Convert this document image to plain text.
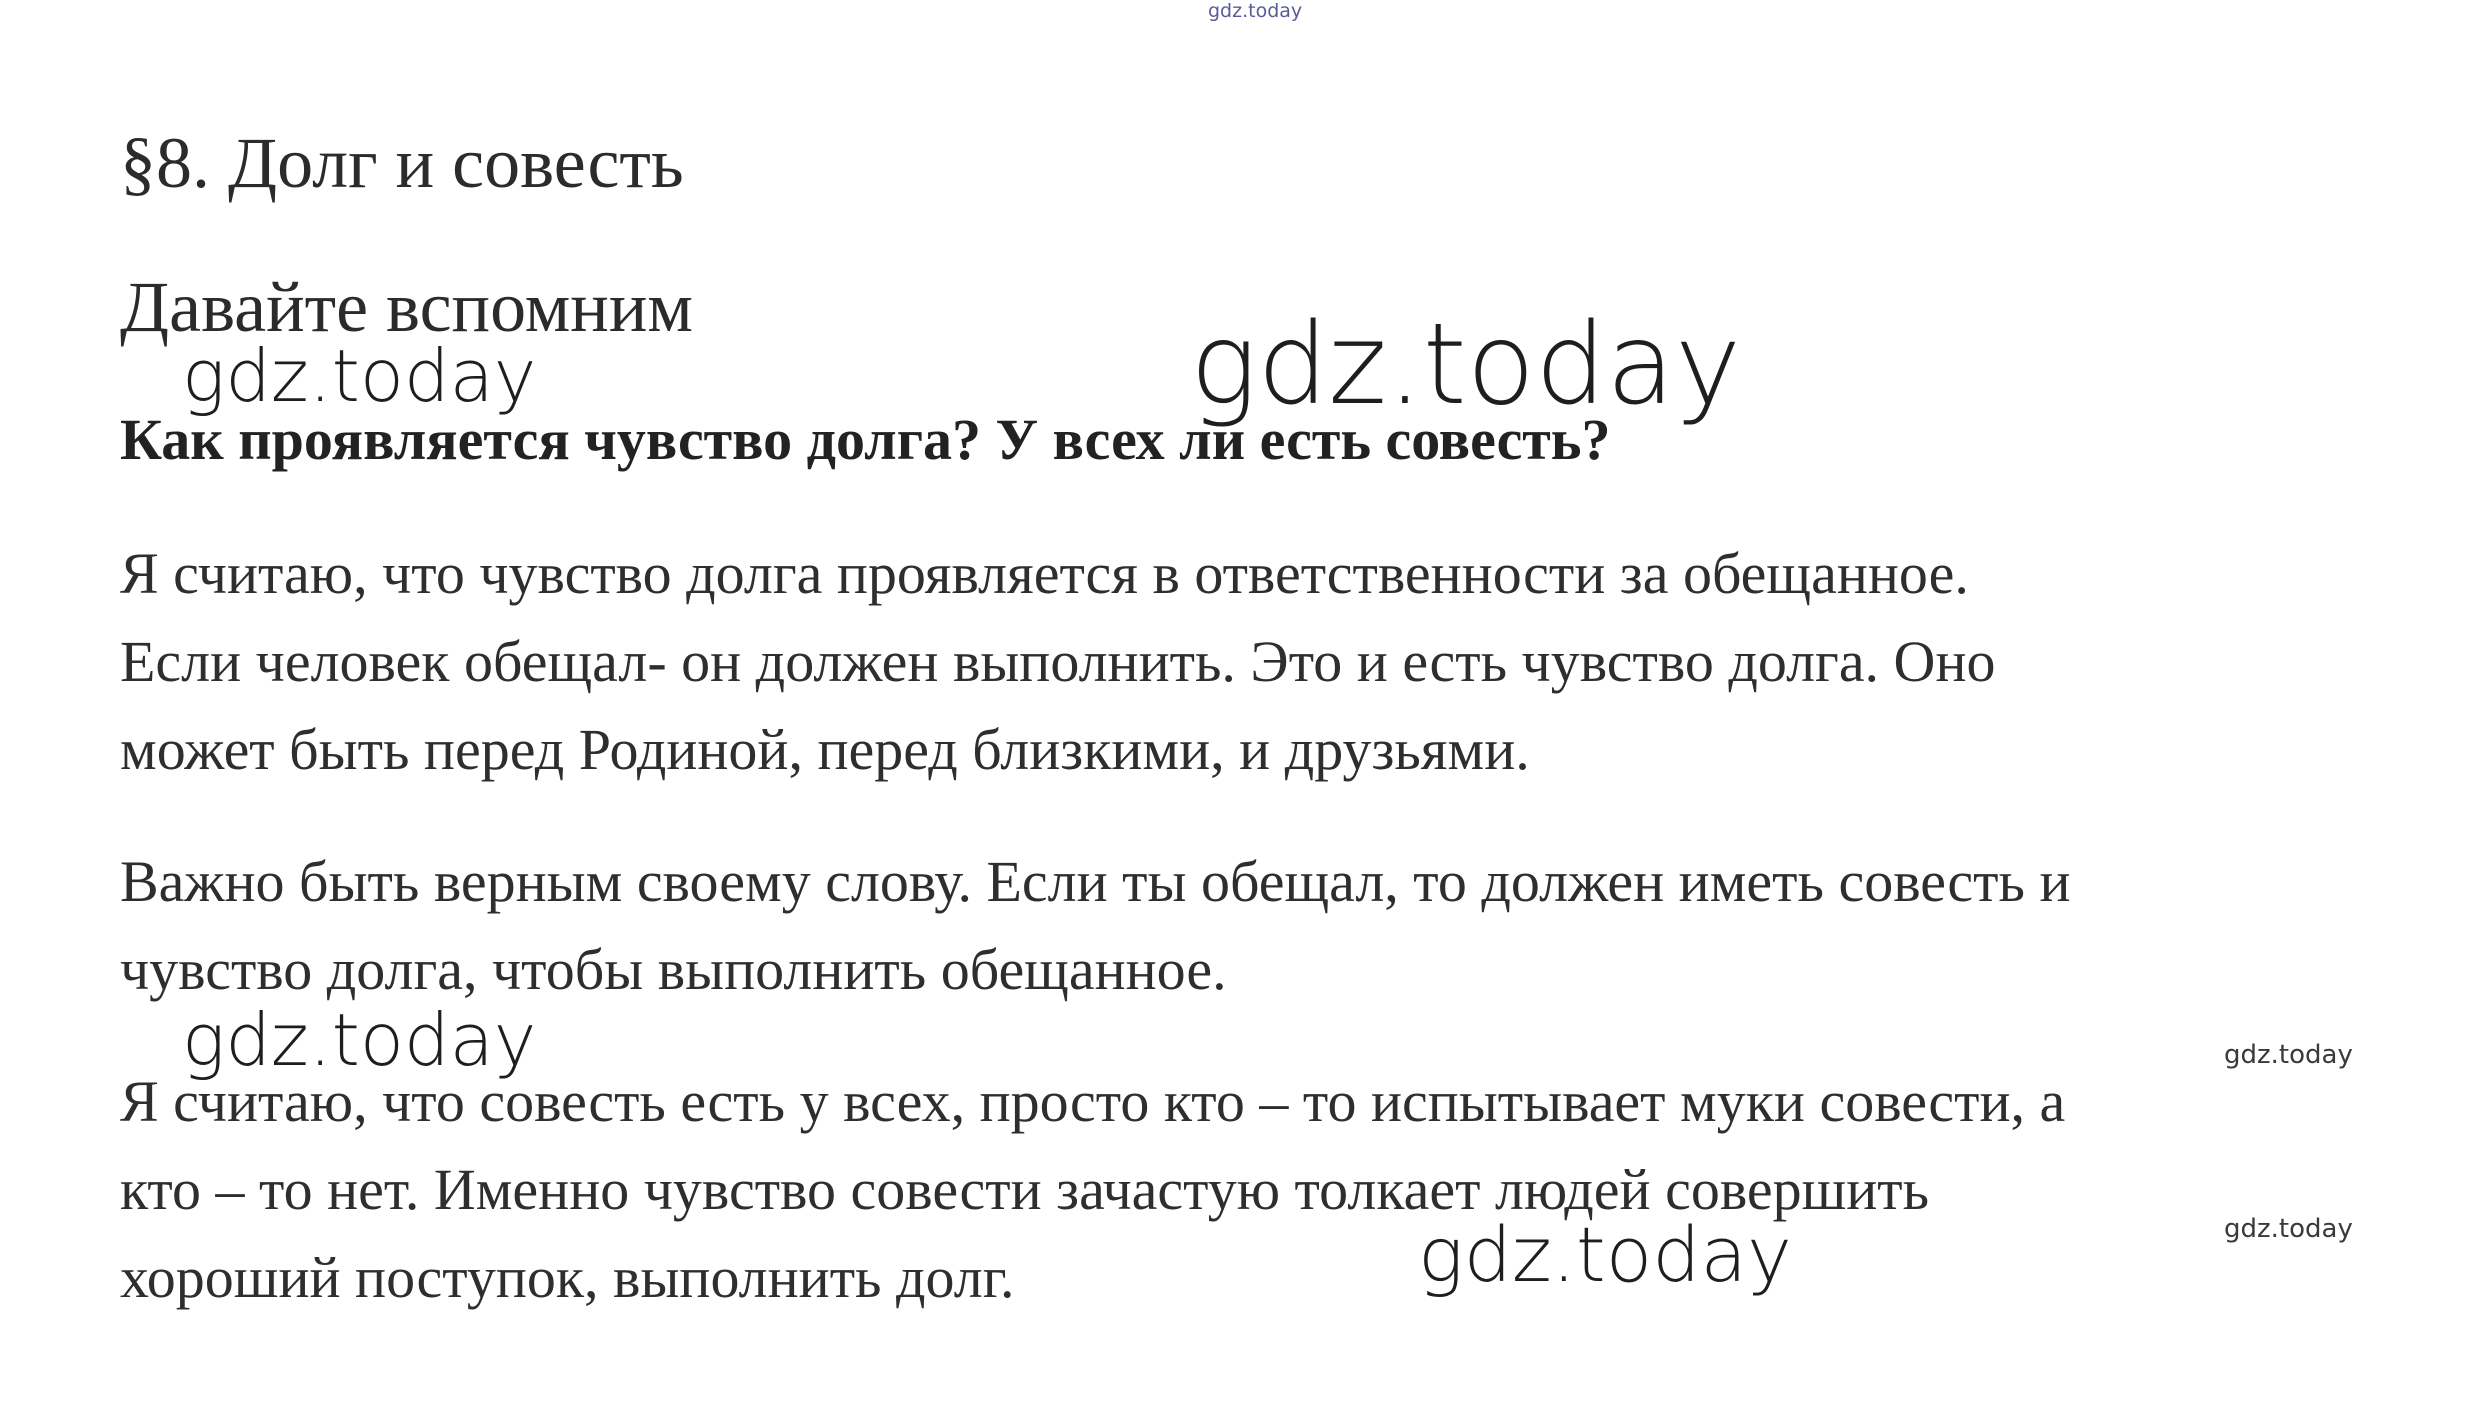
gdz.today
§8. Долг и совесть
Давайте вспомним
Как проявляется чувство долга? У всех ли есть совесть?
Я считаю, что чувство долга проявляется в ответственности за обещанное.
Если человек обещал- он должен выполнить. Это и есть чувство долга. Оно
может быть перед Родиной, перед близкими, и друзьями.
Важно быть верным своему слову. Если ты обещал, то должен иметь совесть и
чувство долга, чтобы выполнить обещанное.
Я считаю, что совесть есть у всех, просто кто – то испытывает муки совести, а
кто – то нет. Именно чувство совести зачастую толкает людей совершить
хороший поступок, выполнить долг.
gdz.today	gdz.today
gdz.today
gdz.today
gdz.today
gdz.today
